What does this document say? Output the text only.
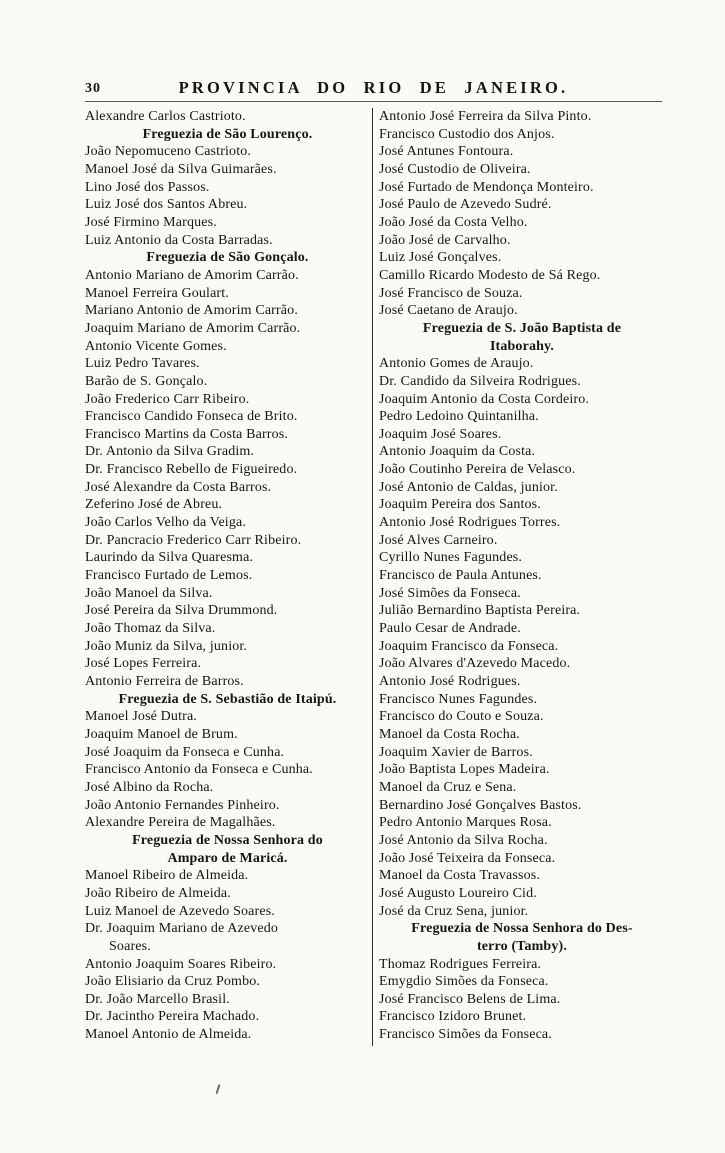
30	PROVINCIA DO RIO DE JANEIRO.
Alexandre Carlos Castrioto.
Freguezia de São Lourenço.
João Nepomuceno Castrioto.
Manoel José da Silva Guimarães.
Lino José dos Passos.
Luiz José dos Santos Abreu.
José Firmino Marques.
Luiz Antonio da Costa Barradas.
Freguezia de São Gonçalo.
Antonio Mariano de Amorim Carrão.
Manoel Ferreira Goulart.
Mariano Antonio de Amorim Carrão.
Joaquim Mariano de Amorim Carrão.
Antonio Vicente Gomes.
Luiz Pedro Tavares.
Barão de S. Gonçalo.
João Frederico Carr Ribeiro.
Francisco Candido Fonseca de Brito.
Francisco Martins da Costa Barros.
Dr. Antonio da Silva Gradim.
Dr. Francisco Rebello de Figueiredo.
José Alexandre da Costa Barros.
Zeferino José de Abreu.
João Carlos Velho da Veiga.
Dr. Pancracio Frederico Carr Ribeiro.
Laurindo da Silva Quaresma.
Francisco Furtado de Lemos.
João Manoel da Silva.
José Pereira da Silva Drummond.
João Thomaz da Silva.
João Muniz da Silva, junior.
José Lopes Ferreira.
Antonio Ferreira de Barros.
Freguezia de S. Sebastião de Itaipú.
Manoel José Dutra.
Joaquim Manoel de Brum.
José Joaquim da Fonseca e Cunha.
Francisco Antonio da Fonseca e Cunha.
José Albino da Rocha.
João Antonio Fernandes Pinheiro.
Alexandre Pereira de Magalhães.
Freguezia de Nossa Senhora do
Amparo de Maricá.
Manoel Ribeiro de Almeida.
João Ribeiro de Almeida.
Luiz Manoel de Azevedo Soares.
Dr. Joaquim Mariano de Azevedo
Soares.
Antonio Joaquim Soares Ribeiro.
João Elisiario da Cruz Pombo.
Dr. João Marcello Brasil.
Dr. Jacintho Pereira Machado.
Manoel Antonio de Almeida.
Antonio José Ferreira da Silva Pinto.
Francisco Custodio dos Anjos.
José Antunes Fontoura.
José Custodio de Oliveira.
José Furtado de Mendonça Monteiro.
José Paulo de Azevedo Sudré.
João José da Costa Velho.
João José de Carvalho.
Luiz José Gonçalves.
Camillo Ricardo Modesto de Sá Rego.
José Francisco de Souza.
José Caetano de Araujo.
Freguezia de S. João Baptista de
Itaborahy.
Antonio Gomes de Araujo.
Dr. Candido da Silveira Rodrigues.
Joaquim Antonio da Costa Cordeiro.
Pedro Ledoino Quintanilha.
Joaquim José Soares.
Antonio Joaquim da Costa.
João Coutinho Pereira de Velasco.
José Antonio de Caldas, junior.
Joaquim Pereira dos Santos.
Antonio José Rodrigues Torres.
José Alves Carneiro.
Cyrillo Nunes Fagundes.
Francisco de Paula Antunes.
José Simões da Fonseca.
Julião Bernardino Baptista Pereira.
Paulo Cesar de Andrade.
Joaquim Francisco da Fonseca.
João Alvares d'Azevedo Macedo.
Antonio José Rodrigues.
Francisco Nunes Fagundes.
Francisco do Couto e Souza.
Manoel da Costa Rocha.
Joaquim Xavier de Barros.
João Baptista Lopes Madeira.
Manoel da Cruz e Sena.
Bernardino José Gonçalves Bastos.
Pedro Antonio Marques Rosa.
José Antonio da Silva Rocha.
João José Teixeira da Fonseca.
Manoel da Costa Travassos.
José Augusto Loureiro Cid.
José da Cruz Sena, junior.
Freguezia de Nossa Senhora do Des-
terro (Tamby).
Thomaz Rodrigues Ferreira.
Emygdio Simões da Fonseca.
José Francisco Belens de Lima.
Francisco Izidoro Brunet.
Francisco Simões da Fonseca.
